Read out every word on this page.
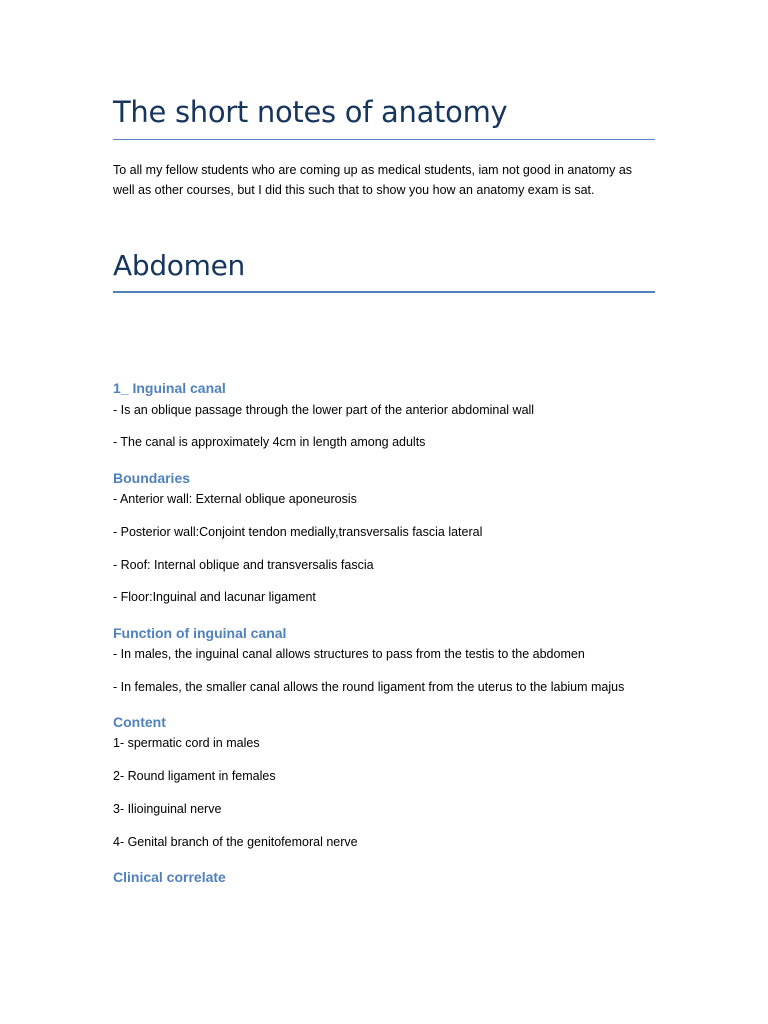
The short notes of anatomy
To all my fellow students who are coming up as medical students, iam not good in anatomy as well as other courses, but I did this such that to show you how an anatomy exam is sat.
Abdomen
1_ Inguinal canal
- Is an oblique passage through the lower part of the anterior abdominal wall
- The canal is approximately 4cm in length among adults
Boundaries
- Anterior wall: External oblique aponeurosis
- Posterior wall:Conjoint tendon medially,transversalis fascia lateral
- Roof: Internal oblique and transversalis fascia
- Floor:Inguinal and lacunar ligament
Function of inguinal canal
- In males, the inguinal canal allows structures to pass from the testis to the abdomen
- In females, the smaller canal allows the round ligament from the uterus to the labium majus
Content
1- spermatic cord in males
2- Round ligament in females
3- Ilioinguinal nerve
4- Genital branch of the genitofemoral nerve
Clinical correlate
